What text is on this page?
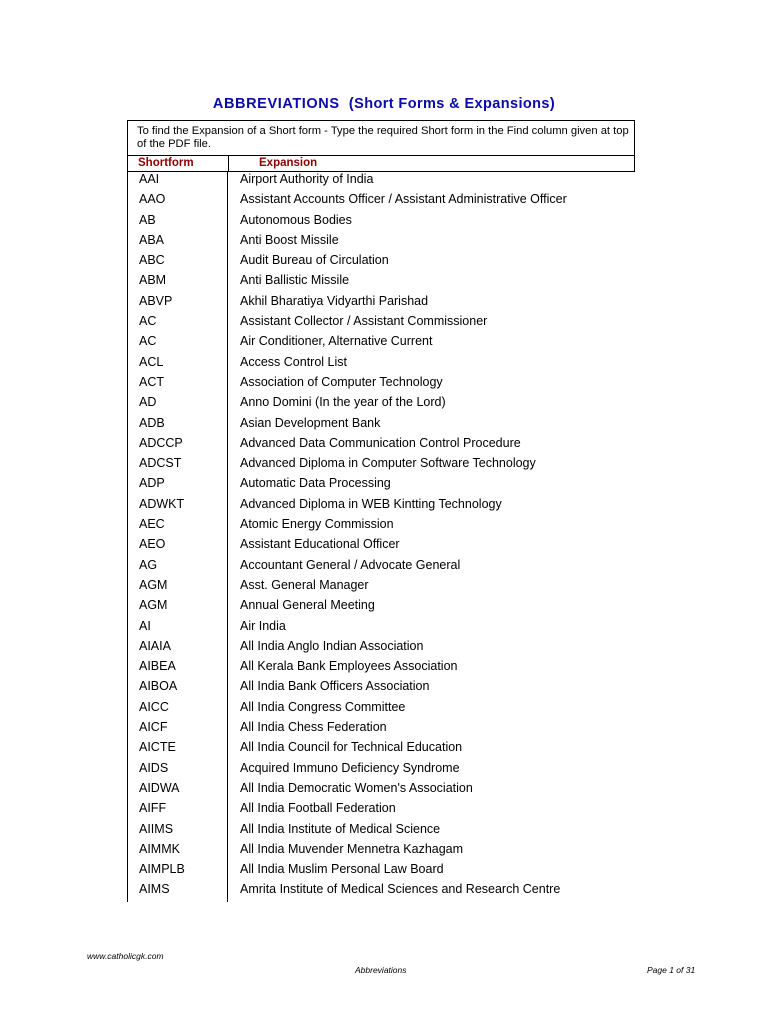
ABBREVIATIONS (Short Forms & Expansions)
To find the Expansion of a Short form - Type the required Short form in the Find column given at top of the PDF file.
Shortform	Expansion
AAI	Airport Authority of India
AAO	Assistant Accounts Officer / Assistant Administrative Officer
AB	Autonomous Bodies
ABA	Anti Boost Missile
ABC	Audit Bureau of Circulation
ABM	Anti Ballistic Missile
ABVP	Akhil Bharatiya Vidyarthi Parishad
AC	Assistant Collector / Assistant Commissioner
AC	Air Conditioner, Alternative Current
ACL	Access Control List
ACT	Association of Computer Technology
AD	Anno Domini (In the year of the Lord)
ADB	Asian Development Bank
ADCCP	Advanced Data Communication Control Procedure
ADCST	Advanced Diploma in Computer Software Technology
ADP	Automatic Data Processing
ADWKT	Advanced Diploma in WEB Kintting Technology
AEC	Atomic Energy Commission
AEO	Assistant Educational Officer
AG	Accountant General / Advocate General
AGM	Asst. General Manager
AGM	Annual General Meeting
AI	Air India
AIAIA	All India Anglo Indian Association
AIBEA	All Kerala Bank Employees Association
AIBOA	All India Bank Officers Association
AICC	All India Congress Committee
AICF	All India Chess Federation
AICTE	All India Council for Technical Education
AIDS	Acquired Immuno Deficiency Syndrome
AIDWA	All India Democratic Women's Association
AIFF	All India Football Federation
AIIMS	All India Institute of Medical Science
AIMMK	All India Muvender Mennetra Kazhagam
AIMPLB	All India Muslim Personal Law Board
AIMS	Amrita Institute of Medical Sciences and Research Centre
www.catholicgk.com
Abbreviations	Page 1 of 31
